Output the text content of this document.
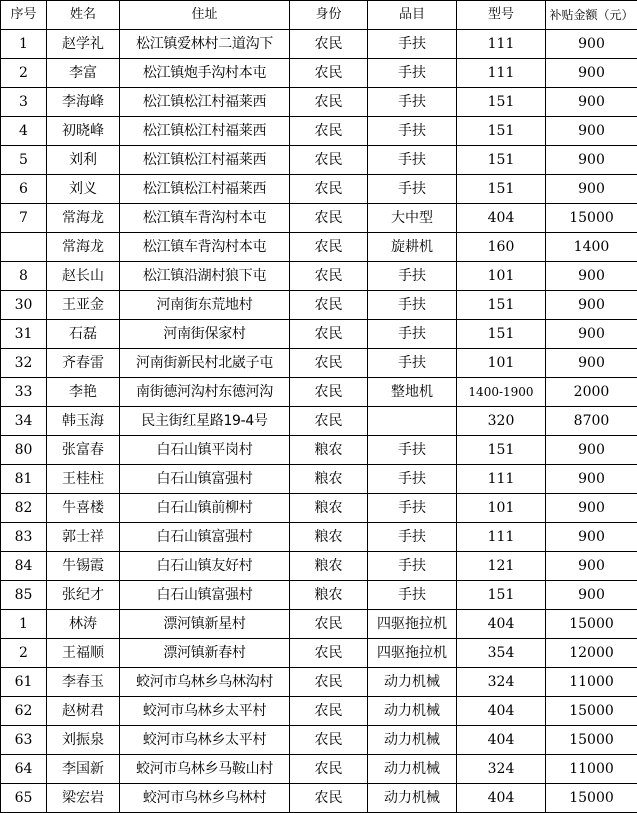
序号	姓名	住址	身份	品目	型号	补贴金额（元）
1	赵学礼	松江镇爱林村二道沟下	农民	手扶	111	900
2	李富	松江镇炮手沟村本屯	农民	手扶	111	900
3	李海峰	松江镇松江村福莱西	农民	手扶	151	900
4	初晓峰	松江镇松江村福莱西	农民	手扶	151	900
5	刘利	松江镇松江村福莱西	农民	手扶	151	900
6	刘义	松江镇松江村福莱西	农民	手扶	151	900
7	常海龙	松江镇车背沟村本屯	农民	大中型	404	15000
	常海龙	松江镇车背沟村本屯	农民	旋耕机	160	1400
8	赵长山	松江镇沿湖村狼下屯	农民	手扶	101	900
30	王亚金	河南街东荒地村	农民	手扶	151	900
31	石磊	河南街保家村	农民	手扶	151	900
32	齐春雷	河南街新民村北崴子屯	农民	手扶	101	900
33	李艳	南街德河沟村东德河沟	农民	整地机	1400-1900	2000
34	韩玉海	民主街红星路19-4号	农民		320	8700
80	张富春	白石山镇平岗村	粮农	手扶	151	900
81	王桂柱	白石山镇富强村	粮农	手扶	111	900
82	牛喜楼	白石山镇前柳村	粮农	手扶	101	900
83	郭士祥	白石山镇富强村	粮农	手扶	111	900
84	牛锡霞	白石山镇友好村	粮农	手扶	121	900
85	张纪才	白石山镇富强村	粮农	手扶	151	900
1	林涛	漂河镇新星村	农民	四驱拖拉机	404	15000
2	王福顺	漂河镇新春村	农民	四驱拖拉机	354	12000
61	李春玉	蛟河市乌林乡乌林沟村	农民	动力机械	324	11000
62	赵树君	蛟河市乌林乡太平村	农民	动力机械	404	15000
63	刘振泉	蛟河市乌林乡太平村	农民	动力机械	404	15000
64	李国新	蛟河市乌林乡马鞍山村	农民	动力机械	324	11000
65	梁宏岩	蛟河市乌林乡乌林村	农民	动力机械	404	15000
